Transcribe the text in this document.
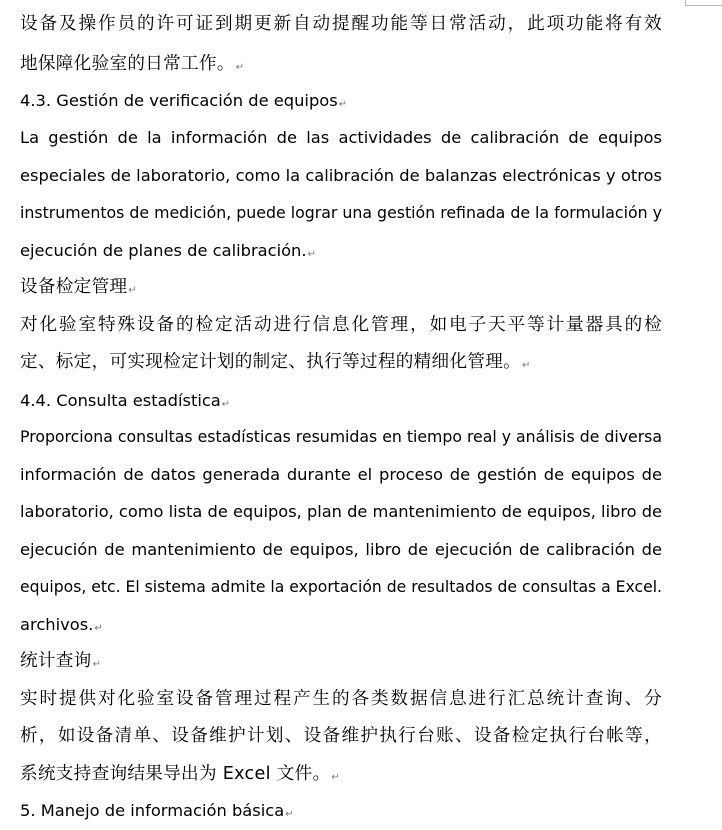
设备及操作员的许可证到期更新自动提醒功能等日常活动，此项功能将有效
地保障化验室的日常工作。↵
4.3. Gestión de verificación de equipos↵
La gestión de la información de las actividades de calibración de equipos
especiales de laboratorio, como la calibración de balanzas electrónicas y otros
instrumentos de medición, puede lograr una gestión refinada de la formulación y
ejecución de planes de calibración.↵
设备检定管理↵
对化验室特殊设备的检定活动进行信息化管理，如电子天平等计量器具的检
定、标定，可实现检定计划的制定、执行等过程的精细化管理。↵
4.4. Consulta estadística↵
Proporciona consultas estadísticas resumidas en tiempo real y análisis de diversa
información de datos generada durante el proceso de gestión de equipos de
laboratorio, como lista de equipos, plan de mantenimiento de equipos, libro de
ejecución de mantenimiento de equipos, libro de ejecución de calibración de
equipos, etc. El sistema admite la exportación de resultados de consultas a Excel.
archivos.↵
统计查询↵
实时提供对化验室设备管理过程产生的各类数据信息进行汇总统计查询、分
析，如设备清单、设备维护计划、设备维护执行台账、设备检定执行台帐等，
系统支持查询结果导出为 Excel 文件。↵
5. Manejo de información básica↵
